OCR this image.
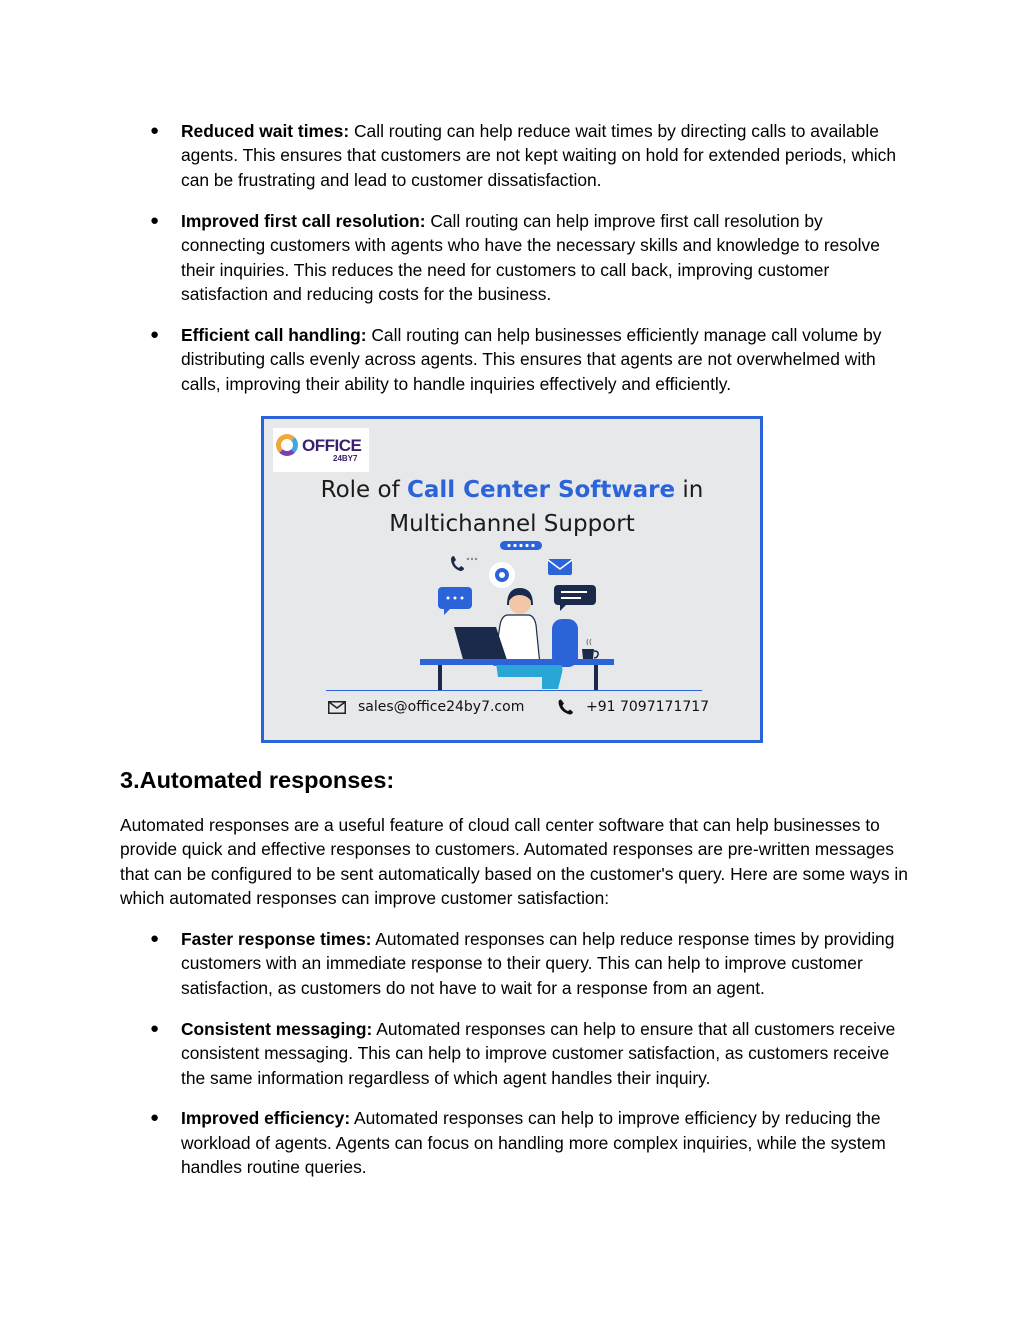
● Reduced wait times: Call routing can help reduce wait times by directing calls to available agents. This ensures that customers are not kept waiting on hold for extended periods, which can be frustrating and lead to customer dissatisfaction.
● Improved first call resolution: Call routing can help improve first call resolution by connecting customers with agents who have the necessary skills and knowledge to resolve their inquiries. This reduces the need for customers to call back, improving customer satisfaction and reducing costs for the business.
● Efficient call handling: Call routing can help businesses efficiently manage call volume by distributing calls evenly across agents. This ensures that agents are not overwhelmed with calls, improving their ability to handle inquiries effectively and efficiently.
OFFICE
24BY7
Role of Call Center Software in
Multichannel Support
sales@office24by7.com	+91 7097171717
3.Automated responses:

Automated responses are a useful feature of cloud call center software that can help businesses to provide quick and effective responses to customers. Automated responses are pre-written messages that can be configured to be sent automatically based on the customer's query. Here are some ways in which automated responses can improve customer satisfaction:

● Faster response times: Automated responses can help reduce response times by providing customers with an immediate response to their query. This can help to improve customer satisfaction, as customers do not have to wait for a response from an agent.
● Consistent messaging: Automated responses can help to ensure that all customers receive consistent messaging. This can help to improve customer satisfaction, as customers receive the same information regardless of which agent handles their inquiry.
● Improved efficiency: Automated responses can help to improve efficiency by reducing the workload of agents. Agents can focus on handling more complex inquiries, while the system handles routine queries.
